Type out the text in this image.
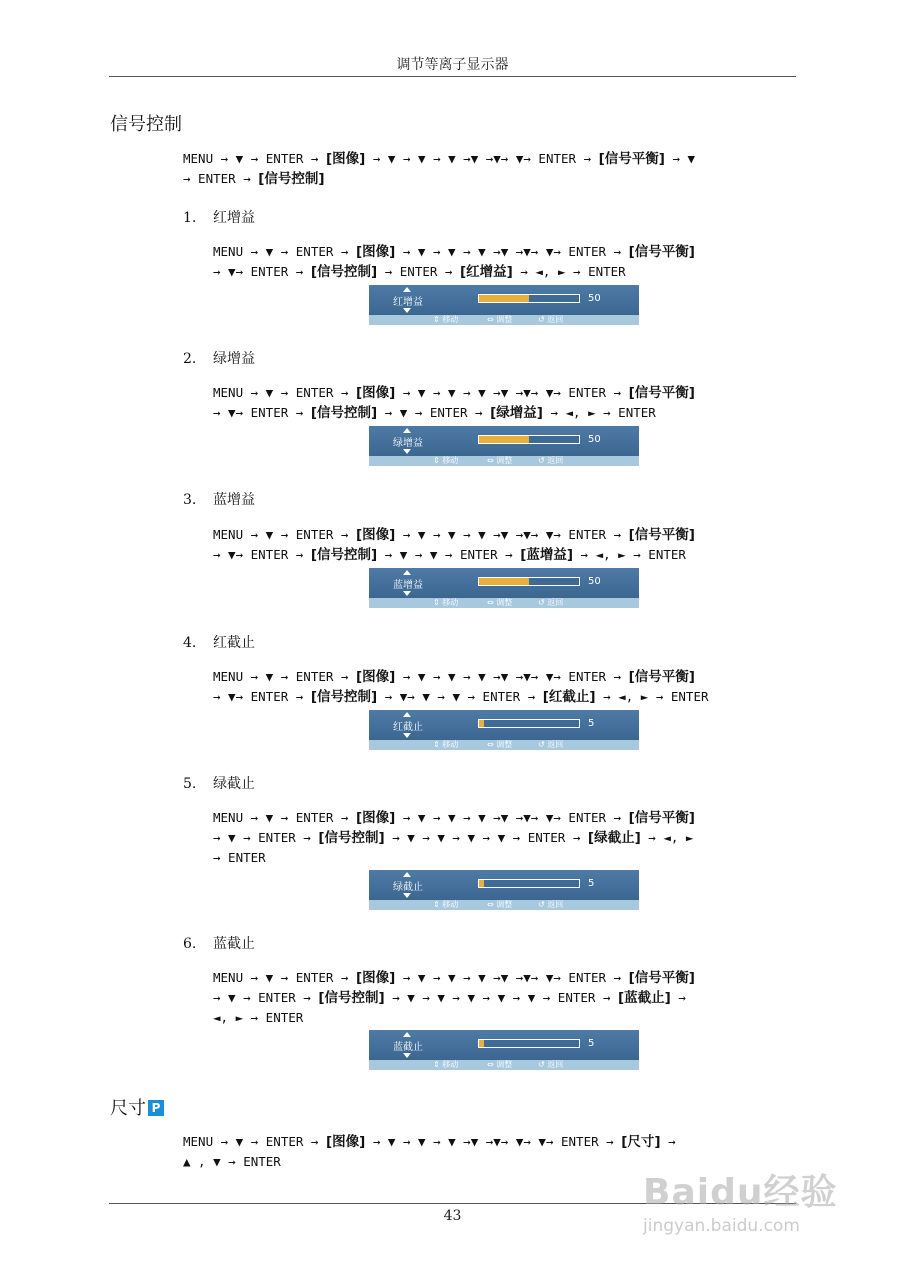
调节等离子显示器
信号控制
MENU → ▼ → ENTER → [图像] → ▼ → ▼ → ▼ →▼ →▼→ ▼→ ENTER → [信号平衡] → ▼
→ ENTER → [信号控制]
1. 红增益
MENU → ▼ → ENTER → [图像] → ▼ → ▼ → ▼ →▼ →▼→ ▼→ ENTER → [信号平衡]
→ ▼→ ENTER → [信号控制] → ENTER → [红增益] → ◄, ► → ENTER
红增益	50
⇕ 移动	⇔ 调整	↺ 返回
2. 绿增益
MENU → ▼ → ENTER → [图像] → ▼ → ▼ → ▼ →▼ →▼→ ▼→ ENTER → [信号平衡]
→ ▼→ ENTER → [信号控制] → ▼ → ENTER → [绿增益] → ◄, ► → ENTER
绿增益	50
⇕ 移动	⇔ 调整	↺ 返回
3. 蓝增益
MENU → ▼ → ENTER → [图像] → ▼ → ▼ → ▼ →▼ →▼→ ▼→ ENTER → [信号平衡]
→ ▼→ ENTER → [信号控制] → ▼ → ▼ → ENTER → [蓝增益] → ◄, ► → ENTER
蓝增益	50
⇕ 移动	⇔ 调整	↺ 返回
4. 红截止
MENU → ▼ → ENTER → [图像] → ▼ → ▼ → ▼ →▼ →▼→ ▼→ ENTER → [信号平衡]
→ ▼→ ENTER → [信号控制] → ▼→ ▼ → ▼ → ENTER → [红截止] → ◄, ► → ENTER
红截止	5
⇕ 移动	⇔ 调整	↺ 返回
5. 绿截止
MENU → ▼ → ENTER → [图像] → ▼ → ▼ → ▼ →▼ →▼→ ▼→ ENTER → [信号平衡]
→ ▼ → ENTER → [信号控制] → ▼ → ▼ → ▼ → ▼ → ENTER → [绿截止] → ◄, ►
→ ENTER
绿截止	5
⇕ 移动	⇔ 调整	↺ 返回
6. 蓝截止
MENU → ▼ → ENTER → [图像] → ▼ → ▼ → ▼ →▼ →▼→ ▼→ ENTER → [信号平衡]
→ ▼ → ENTER → [信号控制] → ▼ → ▼ → ▼ → ▼ → ▼ → ENTER → [蓝截止] →
◄, ► → ENTER
蓝截止	5
⇕ 移动	⇔ 调整	↺ 返回
尺寸 P
MENU → ▼ → ENTER → [图像] → ▼ → ▼ → ▼ →▼ →▼→ ▼→ ▼→ ENTER → [尺寸] →
▲ , ▼ → ENTER
43
Baidu经验
jingyan.baidu.com
